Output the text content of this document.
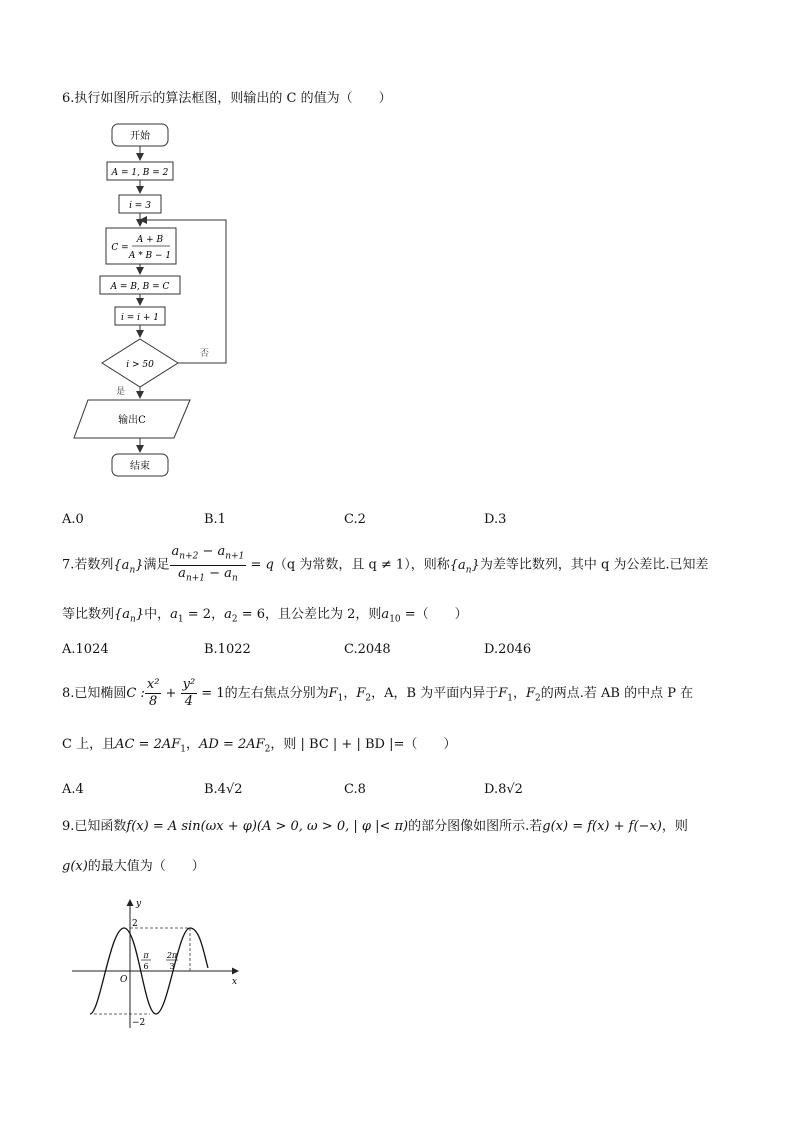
6.执行如图所示的算法框图，则输出的 C 的值为（　　）
开始
A = 1, B = 2
i = 3
C =
A + B
A * B − 1
A = B, B = C
i = i + 1
i > 50
否
是
输出C
结束
A.0	B.1	C.2	D.3
7.若数列$\{a_n\}$满足 $\frac{a_{n+2} - a_{n+1}}{a_{n+1} - a_n} = q(q$ 为常数，且 q ≠ 1），则称$\{a_n\}$为差等比数列，其中 q 为公差比.已知差
等比数列$\{a_n\}$中，$a_1 = 2$，$a_2 = 6$，且公差比为 2，则$a_{10}$ =（　　）
A.1024	B.1022	C.2048	D.2046
8.已知椭圆C : $\frac{\text{x²}}{8} + \frac{\text{y²}}{4} = 1$的左右焦点分别为$F_1$，$F_2$，A，B 为平面内异于$F_1$，$F_2$的两点.若 AB 的中点 P 在
C 上，且AC = $2AF_1$，AD = $2AF_2$，则 | BC | + | BD |=（　　）
A.4	B.4√2	C.8	D.8√2
9.已知函数f(x) = A sin(ωx + φ)(A > 0, ω > 0, | φ |< π)的部分图像如图所示.若g(x) = f(x) + f(−x)，则
g(x)的最大值为（　　）
y
x
O
2
−2
π
6
2π
3
